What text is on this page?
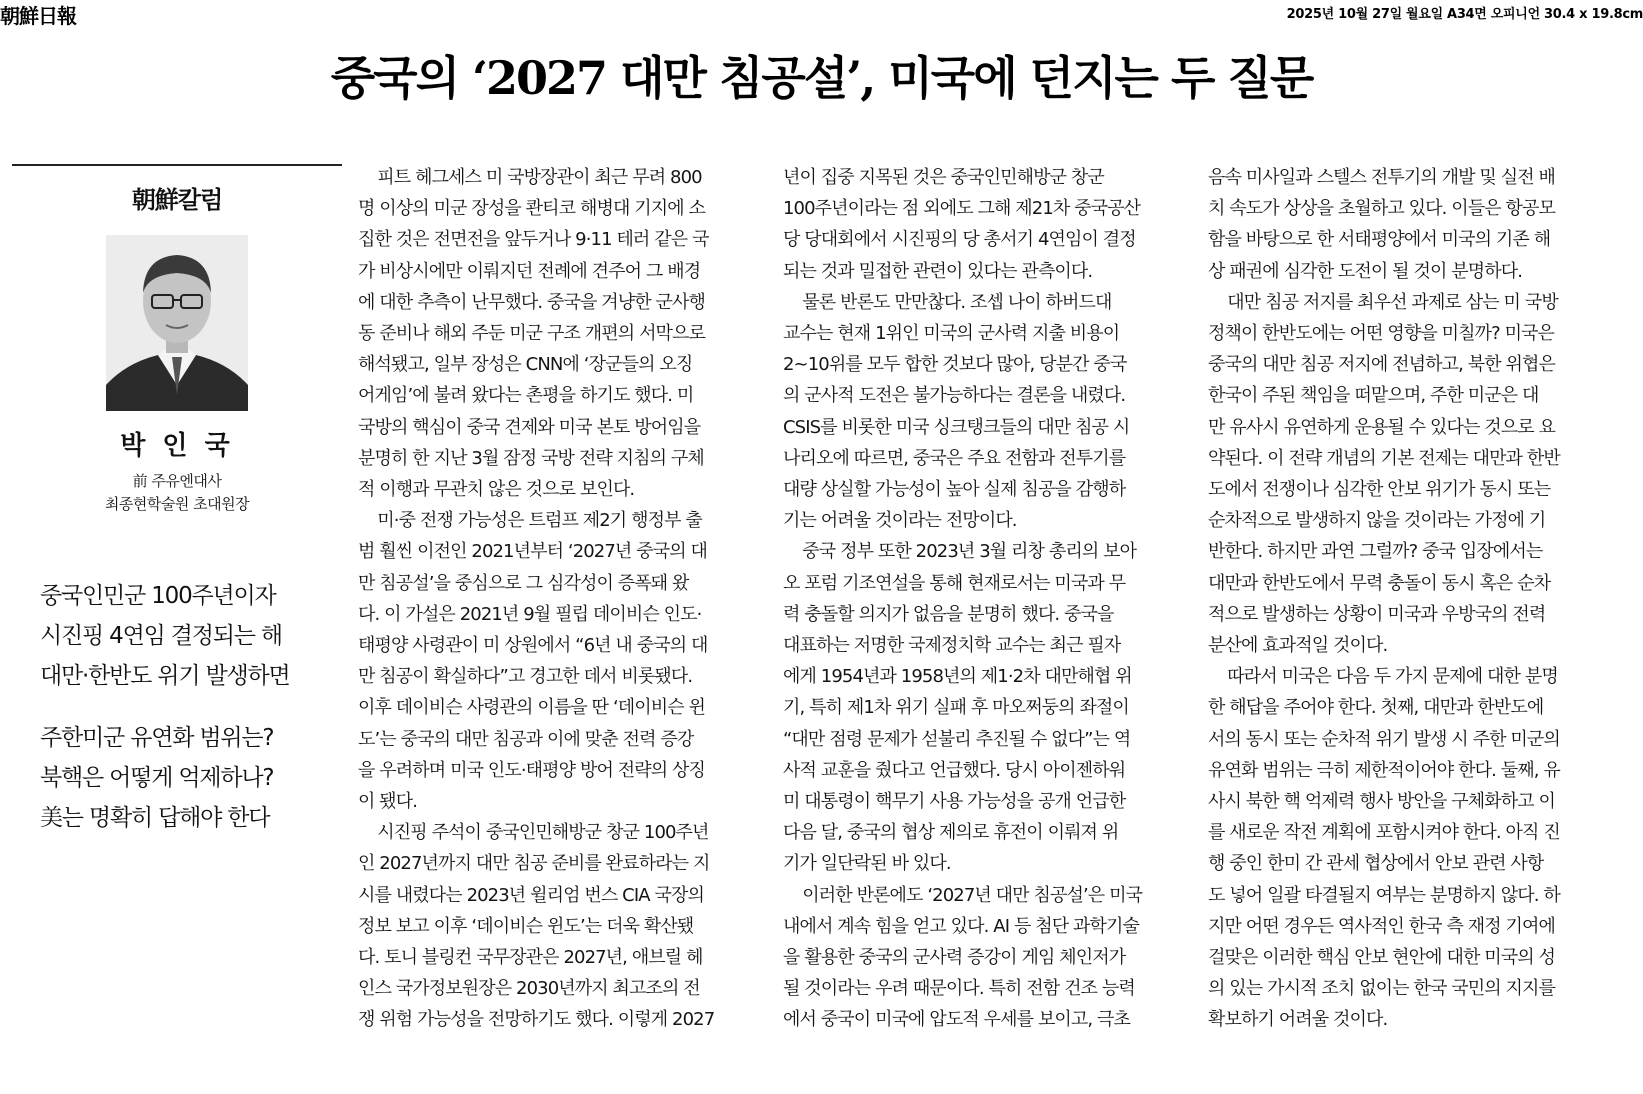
朝鮮日報	2025년 10월 27일 월요일 A34면 오피니언 30.4 x 19.8cm
중국의 ‘2027 대만 침공설’, 미국에 던지는 두 질문
朝鮮칼럼
박 인 국
前 주유엔대사
최종현학술원 초대원장
중국인민군 100주년이자
시진핑 4연임 결정되는 해
대만·한반도 위기 발생하면
주한미군 유연화 범위는?
북핵은 어떻게 억제하나?
美는 명확히 답해야 한다
피트 헤그세스 미 국방장관이 최근 무려 800
명 이상의 미군 장성을 콴티코 해병대 기지에 소
집한 것은 전면전을 앞두거나 9·11 테러 같은 국
가 비상시에만 이뤄지던 전례에 견주어 그 배경
에 대한 추측이 난무했다. 중국을 겨냥한 군사행
동 준비나 해외 주둔 미군 구조 개편의 서막으로
해석됐고, 일부 장성은 CNN에 ‘장군들의 오징
어게임’에 불려 왔다는 촌평을 하기도 했다. 미
국방의 핵심이 중국 견제와 미국 본토 방어임을
분명히 한 지난 3월 잠정 국방 전략 지침의 구체
적 이행과 무관치 않은 것으로 보인다.
미·중 전쟁 가능성은 트럼프 제2기 행정부 출
범 훨씬 이전인 2021년부터 ‘2027년 중국의 대
만 침공설’을 중심으로 그 심각성이 증폭돼 왔
다. 이 가설은 2021년 9월 필립 데이비슨 인도·
태평양 사령관이 미 상원에서 “6년 내 중국의 대
만 침공이 확실하다”고 경고한 데서 비롯됐다.
이후 데이비슨 사령관의 이름을 딴 ‘데이비슨 윈
도’는 중국의 대만 침공과 이에 맞춘 전력 증강
을 우려하며 미국 인도·태평양 방어 전략의 상징
이 됐다.
시진핑 주석이 중국인민해방군 창군 100주년
인 2027년까지 대만 침공 준비를 완료하라는 지
시를 내렸다는 2023년 윌리엄 번스 CIA 국장의
정보 보고 이후 ‘데이비슨 윈도’는 더욱 확산됐
다. 토니 블링컨 국무장관은 2027년, 애브릴 헤
인스 국가정보원장은 2030년까지 최고조의 전
쟁 위험 가능성을 전망하기도 했다. 이렇게 2027
년이 집중 지목된 것은 중국인민해방군 창군
100주년이라는 점 외에도 그해 제21차 중국공산
당 당대회에서 시진핑의 당 총서기 4연임이 결정
되는 것과 밀접한 관련이 있다는 관측이다.
물론 반론도 만만찮다. 조셉 나이 하버드대
교수는 현재 1위인 미국의 군사력 지출 비용이
2~10위를 모두 합한 것보다 많아, 당분간 중국
의 군사적 도전은 불가능하다는 결론을 내렸다.
CSIS를 비롯한 미국 싱크탱크들의 대만 침공 시
나리오에 따르면, 중국은 주요 전함과 전투기를
대량 상실할 가능성이 높아 실제 침공을 감행하
기는 어려울 것이라는 전망이다.
중국 정부 또한 2023년 3월 리창 총리의 보아
오 포럼 기조연설을 통해 현재로서는 미국과 무
력 충돌할 의지가 없음을 분명히 했다. 중국을
대표하는 저명한 국제정치학 교수는 최근 필자
에게 1954년과 1958년의 제1·2차 대만해협 위
기, 특히 제1차 위기 실패 후 마오쩌둥의 좌절이
“대만 점령 문제가 섣불리 추진될 수 없다”는 역
사적 교훈을 줬다고 언급했다. 당시 아이젠하워
미 대통령이 핵무기 사용 가능성을 공개 언급한
다음 달, 중국의 협상 제의로 휴전이 이뤄져 위
기가 일단락된 바 있다.
이러한 반론에도 ‘2027년 대만 침공설’은 미국
내에서 계속 힘을 얻고 있다. AI 등 첨단 과학기술
을 활용한 중국의 군사력 증강이 게임 체인저가
될 것이라는 우려 때문이다. 특히 전함 건조 능력
에서 중국이 미국에 압도적 우세를 보이고, 극초
음속 미사일과 스텔스 전투기의 개발 및 실전 배
치 속도가 상상을 초월하고 있다. 이들은 항공모
함을 바탕으로 한 서태평양에서 미국의 기존 해
상 패권에 심각한 도전이 될 것이 분명하다.
대만 침공 저지를 최우선 과제로 삼는 미 국방
정책이 한반도에는 어떤 영향을 미칠까? 미국은
중국의 대만 침공 저지에 전념하고, 북한 위협은
한국이 주된 책임을 떠맡으며, 주한 미군은 대
만 유사시 유연하게 운용될 수 있다는 것으로 요
약된다. 이 전략 개념의 기본 전제는 대만과 한반
도에서 전쟁이나 심각한 안보 위기가 동시 또는
순차적으로 발생하지 않을 것이라는 가정에 기
반한다. 하지만 과연 그럴까? 중국 입장에서는
대만과 한반도에서 무력 충돌이 동시 혹은 순차
적으로 발생하는 상황이 미국과 우방국의 전력
분산에 효과적일 것이다.
따라서 미국은 다음 두 가지 문제에 대한 분명
한 해답을 주어야 한다. 첫째, 대만과 한반도에
서의 동시 또는 순차적 위기 발생 시 주한 미군의
유연화 범위는 극히 제한적이어야 한다. 둘째, 유
사시 북한 핵 억제력 행사 방안을 구체화하고 이
를 새로운 작전 계획에 포함시켜야 한다. 아직 진
행 중인 한미 간 관세 협상에서 안보 관련 사항
도 넣어 일괄 타결될지 여부는 분명하지 않다. 하
지만 어떤 경우든 역사적인 한국 측 재정 기여에
걸맞은 이러한 핵심 안보 현안에 대한 미국의 성
의 있는 가시적 조치 없이는 한국 국민의 지지를
확보하기 어려울 것이다.
